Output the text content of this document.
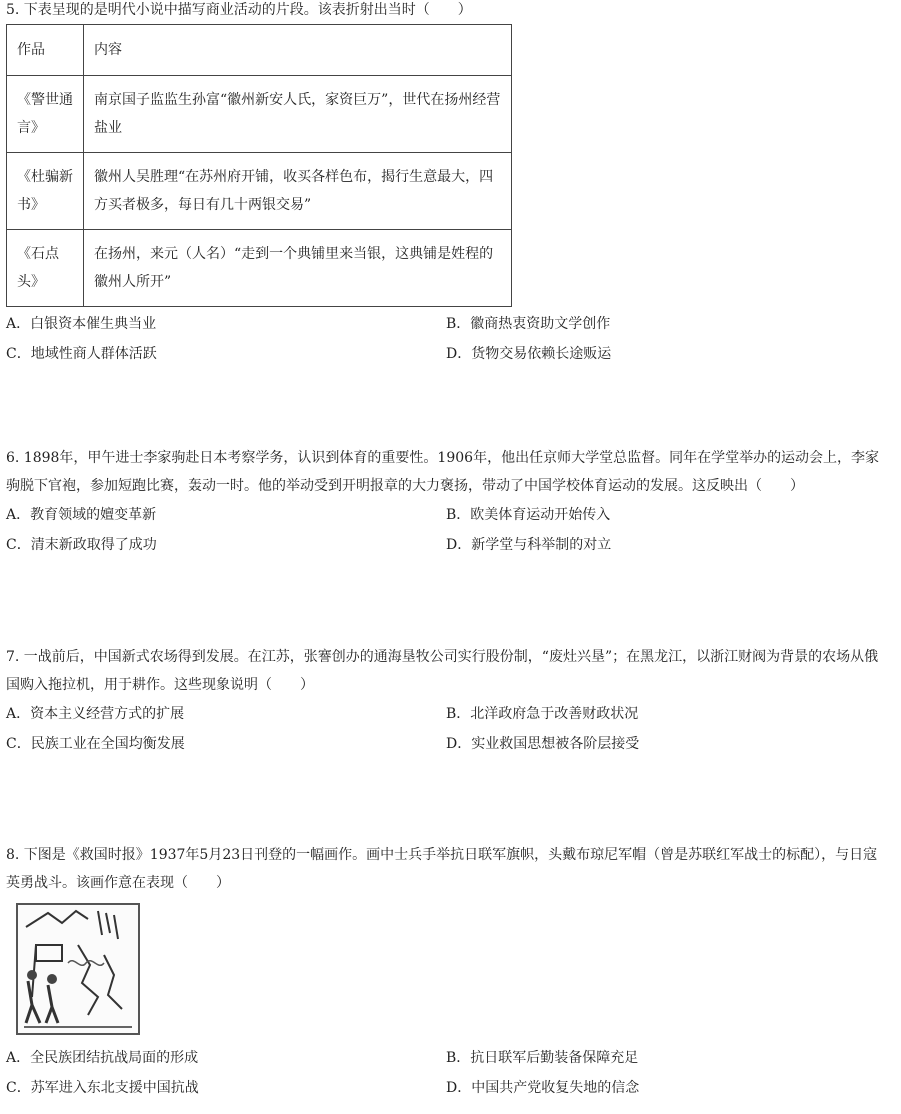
5. 下表呈现的是明代小说中描写商业活动的片段。该表折射出当时（　　）

作品	内容
《警世通言》	南京国子监监生孙富“徽州新安人氏，家资巨万”，世代在扬州经营盐业
《杜骗新书》	徽州人吴胜理“在苏州府开铺，收买各样色布，揭行生意最大，四方买者极多，每日有几十两银交易”
《石点头》	在扬州，来元（人名）“走到一个典铺里来当银，这典铺是姓程的徽州人所开”
A．白银资本催生典当业	B．徽商热衷资助文学创作
C．地域性商人群体活跃	D．货物交易依赖长途贩运

6. 1898年，甲午进士李家驹赴日本考察学务，认识到体育的重要性。1906年，他出任京师大学堂总监督。同年在学堂举办的运动会上，李家驹脱下官袍，参加短跑比赛，轰动一时。他的举动受到开明报章的大力褒扬，带动了中国学校体育运动的发展。这反映出（　　）

A．教育领域的嬗变革新	B．欧美体育运动开始传入
C．清末新政取得了成功	D．新学堂与科举制的对立

7. 一战前后，中国新式农场得到发展。在江苏，张謇创办的通海垦牧公司实行股份制，“废灶兴垦”；在黑龙江，以浙江财阀为背景的农场从俄国购入拖拉机，用于耕作。这些现象说明（　　）

A．资本主义经营方式的扩展	B．北洋政府急于改善财政状况
C．民族工业在全国均衡发展	D．实业救国思想被各阶层接受

8. 下图是《救国时报》1937年5月23日刊登的一幅画作。画中士兵手举抗日联军旗帜，头戴布琼尼军帽（曾是苏联红军战士的标配），与日寇英勇战斗。该画作意在表现（　　）

A．全民族团结抗战局面的形成	B．抗日联军后勤装备保障充足
C．苏军进入东北支援中国抗战	D．中国共产党收复失地的信念
